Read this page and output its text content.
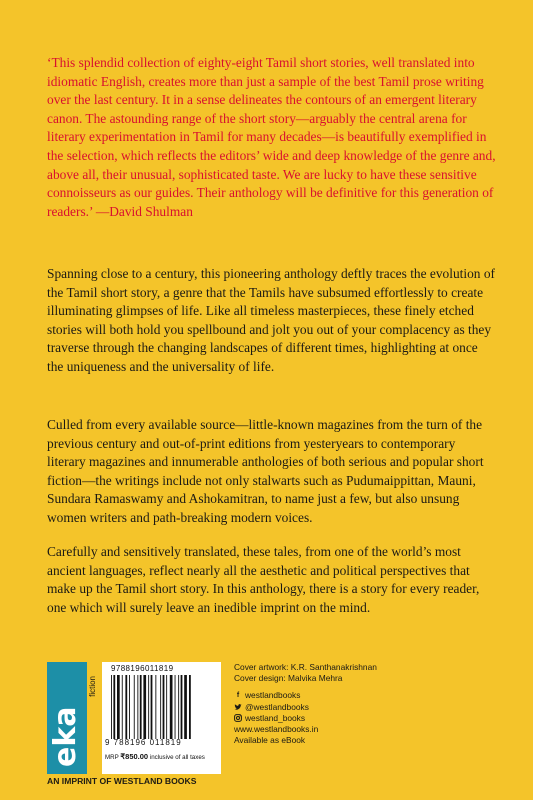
‘This splendid collection of eighty-eight Tamil short stories, well translated into idiomatic English, creates more than just a sample of the best Tamil prose writing over the last century. It in a sense delineates the contours of an emergent literary canon. The astounding range of the short story—arguably the central arena for literary experimentation in Tamil for many decades—is beautifully exemplified in the selection, which reflects the editors’ wide and deep knowledge of the genre and, above all, their unusual, sophisticated taste. We are lucky to have these sensitive connoisseurs as our guides. Their anthology will be definitive for this generation of readers.’ —David Shulman

Spanning close to a century, this pioneering anthology deftly traces the evolution of the Tamil short story, a genre that the Tamils have subsumed effortlessly to create illuminating glimpses of life. Like all timeless masterpieces, these finely etched stories will both hold you spellbound and jolt you out of your complacency as they traverse through the changing landscapes of different times, highlighting at once the uniqueness and the universality of life.

Culled from every available source—little-known magazines from the turn of the previous century and out-of-print editions from yesteryears to contemporary literary magazines and innumerable anthologies of both serious and popular short fiction—the writings include not only stalwarts such as Pudumaippittan, Mauni, Sundara Ramaswamy and Ashokamitran, to name just a few, but also unsung women writers and path-breaking modern voices.

Carefully and sensitively translated, these tales, from one of the world’s most ancient languages, reflect nearly all the aesthetic and political perspectives that make up the Tamil short story. In this anthology, there is a story for every reader, one which will surely leave an inedible imprint on the mind.

eka
fiction
9788196011819
9 788196 011819
MRP ₹850.00 inclusive of all taxes
AN IMPRINT OF WESTLAND BOOKS
Cover artwork: K.R. Santhanakrishnan
Cover design: Malvika Mehra
f westlandbooks
@westlandbooks
westland_books
www.westlandbooks.in
Available as eBook
